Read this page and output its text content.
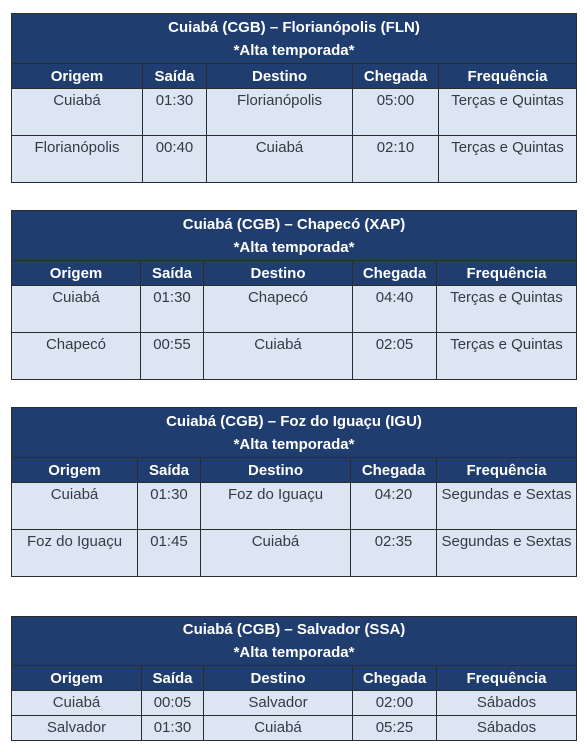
Cuiabá (CGB) – Florianópolis (FLN)
*Alta temporada*				

Origem	Saída	Destino	Chegada	Frequência
Cuiabá	01:30	Florianópolis	05:00	Terças e Quintas
Florianópolis	00:40	Cuiabá	02:10	Terças e Quintas
Cuiabá (CGB) – Chapecó (XAP)
*Alta temporada*				

Origem	Saída	Destino	Chegada	Frequência
Cuiabá	01:30	Chapecó	04:40	Terças e Quintas
Chapecó	00:55	Cuiabá	02:05	Terças e Quintas
Cuiabá (CGB) – Foz do Iguaçu (IGU)
*Alta temporada*				

Origem	Saída	Destino	Chegada	Frequência
Cuiabá	01:30	Foz do Iguaçu	04:20	Segundas e Sextas
Foz do Iguaçu	01:45	Cuiabá	02:35	Segundas e Sextas
Cuiabá (CGB) – Salvador (SSA)
*Alta temporada*				

Origem	Saída	Destino	Chegada	Frequência
Cuiabá	00:05	Salvador	02:00	Sábados
Salvador	01:30	Cuiabá	05:25	Sábados
